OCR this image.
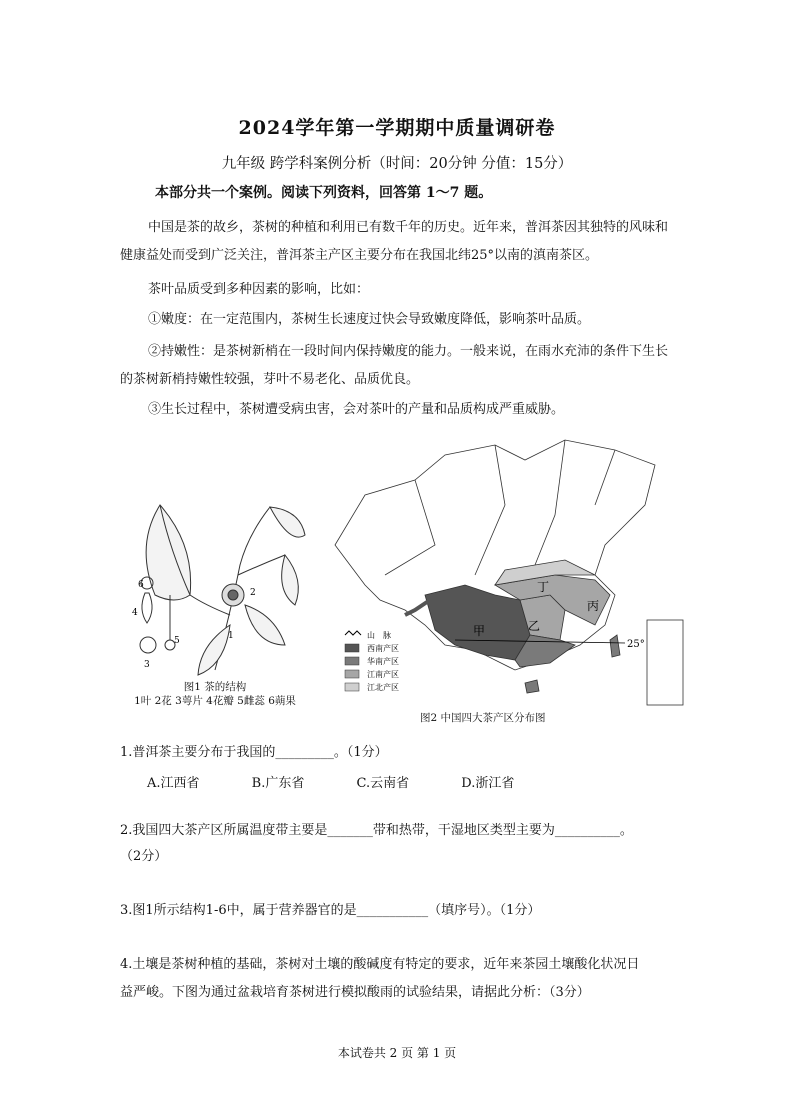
2024学年第一学期期中质量调研卷
九年级 跨学科案例分析（时间：20分钟 分值：15分）
本部分共一个案例。阅读下列资料，回答第 1～7 题。
中国是茶的故乡，茶树的种植和利用已有数千年的历史。近年来，普洱茶因其独特的风味和健康益处而受到广泛关注，普洱茶主产区主要分布在我国北纬25°以南的滇南茶区。
茶叶品质受到多种因素的影响，比如：
①嫩度：在一定范围内，茶树生长速度过快会导致嫩度降低，影响茶叶品质。
②持嫩性：是茶树新梢在一段时间内保持嫩度的能力。一般来说，在雨水充沛的条件下生长的茶树新梢持嫩性较强，芽叶不易老化、品质优良。
③生长过程中，茶树遭受病虫害，会对茶叶的产量和品质构成严重威胁。
6
4
5
3
2
1
图1 茶的结构
1叶 2花 3萼片 4花瓣 5雌蕊 6蒴果
甲	乙
丙
丁
25°
山　脉
西南产区
华南产区
江南产区
江北产区
图2 中国四大茶产区分布图
1.普洱茶主要分布于我国的_________。（1分）
A.江西省	B.广东省	C.云南省	D.浙江省
2.我国四大茶产区所属温度带主要是_______带和热带，干湿地区类型主要为__________。
（2分）
3.图1所示结构1-6中，属于营养器官的是___________（填序号）。（1分）
4.土壤是茶树种植的基础，茶树对土壤的酸碱度有特定的要求，近年来茶园土壤酸化状况日
益严峻。下图为通过盆栽培育茶树进行模拟酸雨的试验结果，请据此分析：（3分）
本试卷共 2 页 第 1 页
